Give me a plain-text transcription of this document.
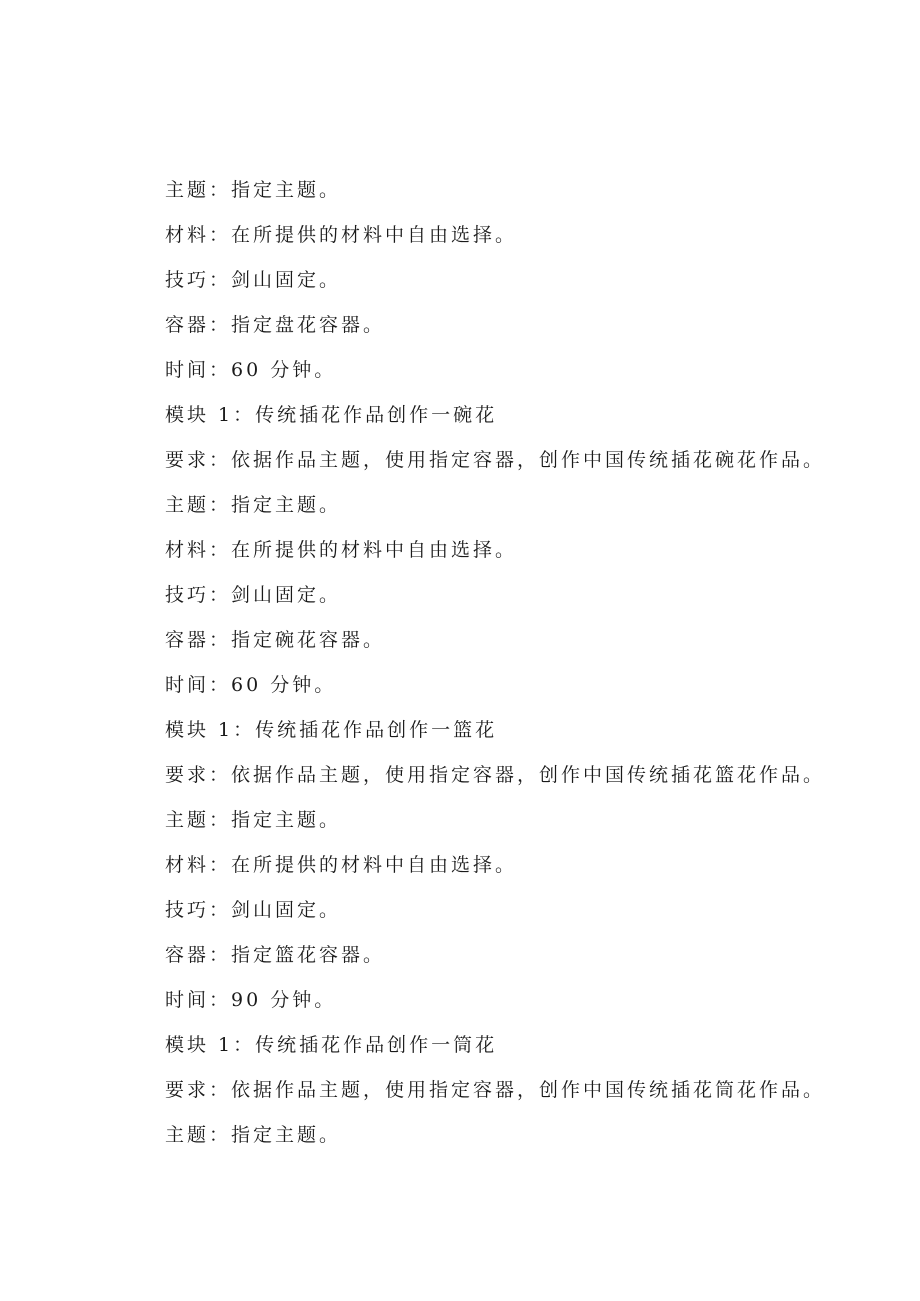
主题：指定主题。
材料：在所提供的材料中自由选择。
技巧：剑山固定。
容器：指定盘花容器。
时间：60 分钟。
模块 1：传统插花作品创作一碗花
要求：依据作品主题，使用指定容器，创作中国传统插花碗花作品。
主题：指定主题。
材料：在所提供的材料中自由选择。
技巧：剑山固定。
容器：指定碗花容器。
时间：60 分钟。
模块 1：传统插花作品创作一篮花
要求：依据作品主题，使用指定容器，创作中国传统插花篮花作品。
主题：指定主题。
材料：在所提供的材料中自由选择。
技巧：剑山固定。
容器：指定篮花容器。
时间：90 分钟。
模块 1：传统插花作品创作一筒花
要求：依据作品主题，使用指定容器，创作中国传统插花筒花作品。
主题：指定主题。
